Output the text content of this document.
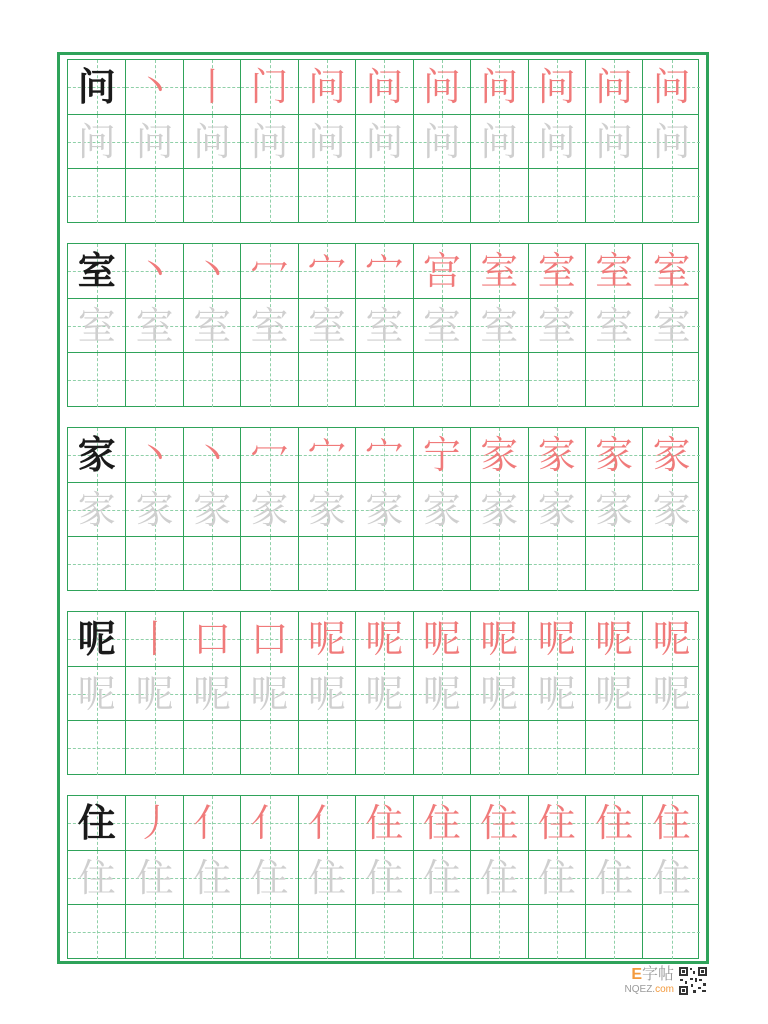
问 丶 丨 门 问 问 问 问 问 问 问
问 问 问 问 问 问 问 问 问 问 问
室 丶 丶 冖 宀 宀 宫 室 室 室 室
室 室 室 室 室 室 室 室 室 室 室
家 丶 丶 冖 宀 宀 宁 家 家 家 家
家 家 家 家 家 家 家 家 家 家 家
呢 丨 口 口 呢 呢 呢 呢 呢 呢 呢
呢 呢 呢 呢 呢 呢 呢 呢 呢 呢 呢
住 丿 亻 亻 亻 住 住 住 住 住 住
住 住 住 住 住 住 住 住 住 住 住
E字帖
NQEZ.com
